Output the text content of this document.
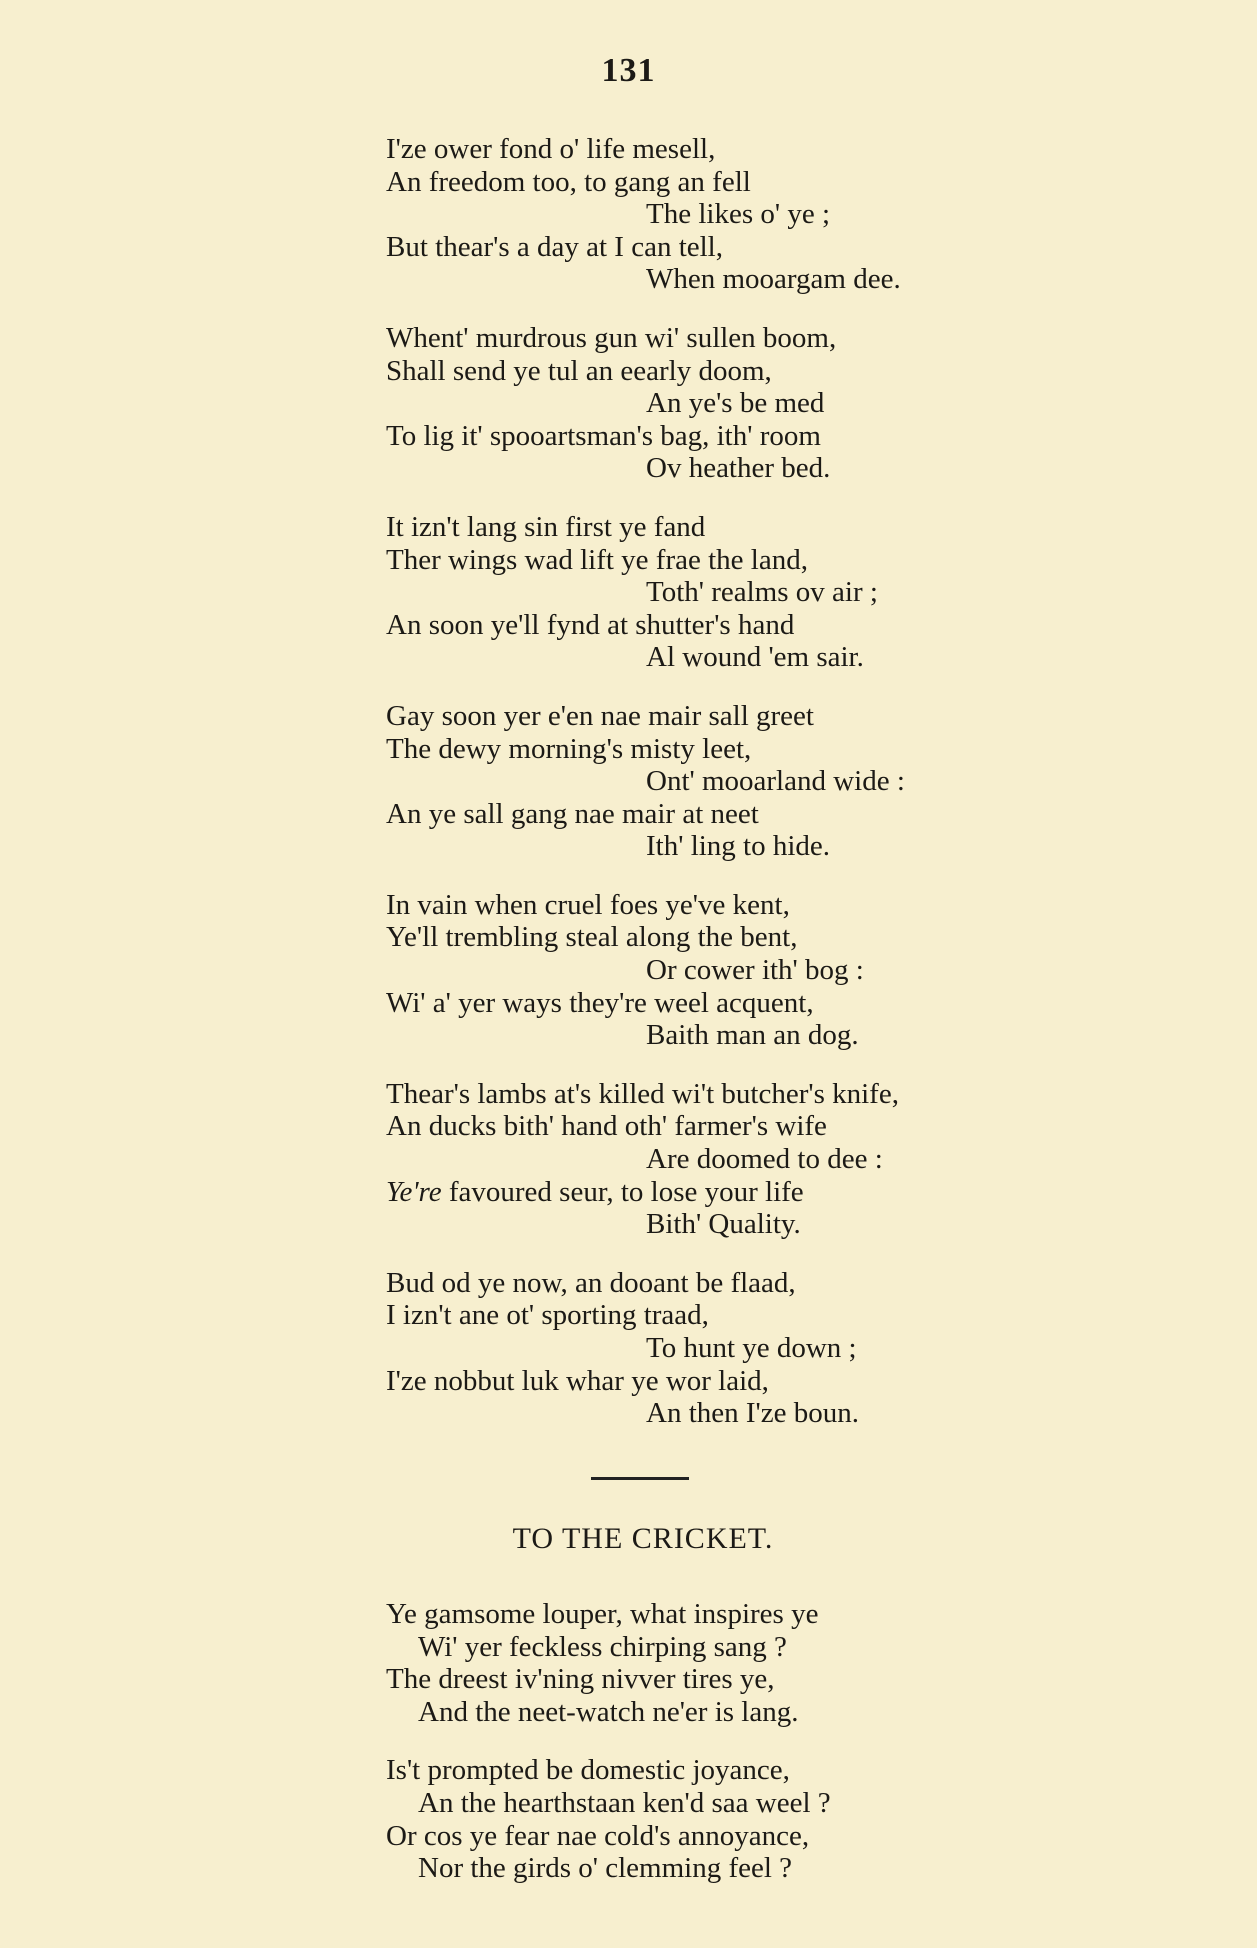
131
I'ze ower fond o' life mesell,
An freedom too, to gang an fell
The likes o' ye ;
But thear's a day at I can tell,
When mooargam dee.
Whent' murdrous gun wi' sullen boom,
Shall send ye tul an eearly doom,
An ye's be med
To lig it' spooartsman's bag, ith' room
Ov heather bed.
It izn't lang sin first ye fand
Ther wings wad lift ye frae the land,
Toth' realms ov air ;
An soon ye'll fynd at shutter's hand
Al wound 'em sair.
Gay soon yer e'en nae mair sall greet
The dewy morning's misty leet,
Ont' mooarland wide :
An ye sall gang nae mair at neet
Ith' ling to hide.
In vain when cruel foes ye've kent,
Ye'll trembling steal along the bent,
Or cower ith' bog :
Wi' a' yer ways they're weel acquent,
Baith man an dog.
Thear's lambs at's killed wi't butcher's knife,
An ducks bith' hand oth' farmer's wife
Are doomed to dee :
Ye're favoured seur, to lose your life
Bith' Quality.
Bud od ye now, an dooant be flaad,
I izn't ane ot' sporting traad,
To hunt ye down ;
I'ze nobbut luk whar ye wor laid,
An then I'ze boun.
TO THE CRICKET.
Ye gamsome louper, what inspires ye
Wi' yer feckless chirping sang ?
The dreest iv'ning nivver tires ye,
And the neet-watch ne'er is lang.
Is't prompted be domestic joyance,
An the hearthstaan ken'd saa weel ?
Or cos ye fear nae cold's annoyance,
Nor the girds o' clemming feel ?
